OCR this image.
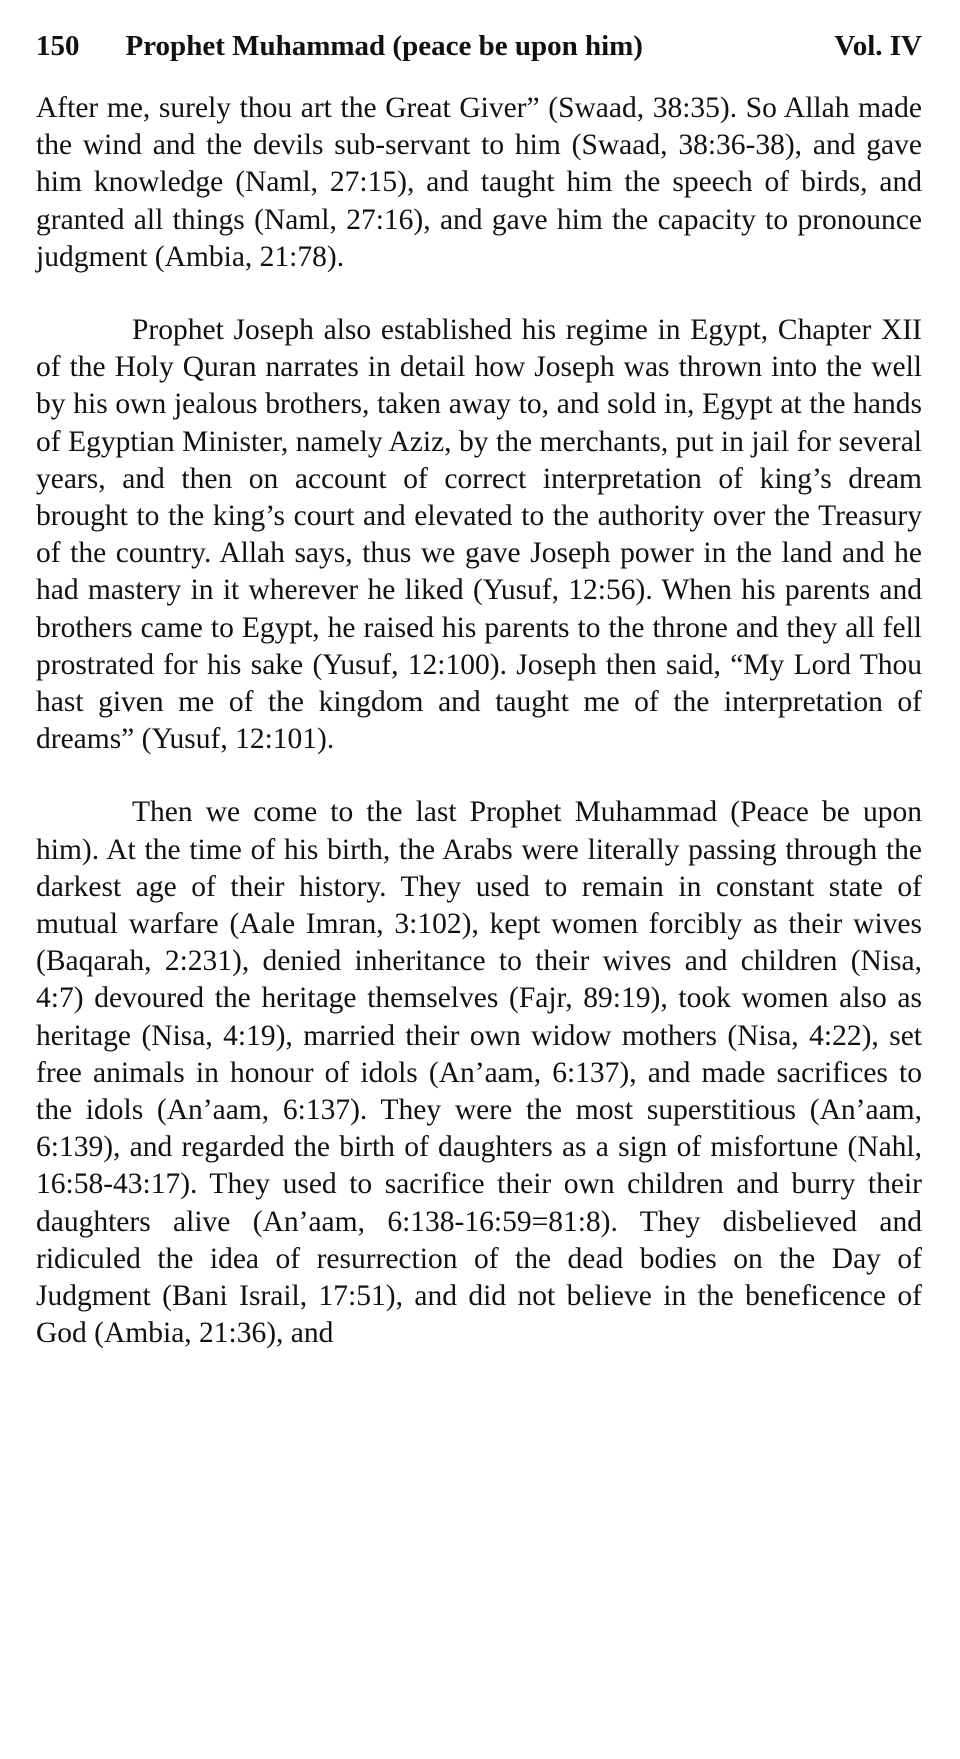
150 Prophet Muhammad (peace be upon him)	Vol. IV

After me, surely thou art the Great Giver” (Swaad, 38:35). So Allah made the wind and the devils sub-servant to him (Swaad, 38:36-38), and gave him knowledge (Naml, 27:15), and taught him the speech of birds, and granted all things (Naml, 27:16), and gave him the capacity to pronounce judgment (Ambia, 21:78).

Prophet Joseph also established his regime in Egypt, Chapter XII of the Holy Quran narrates in detail how Joseph was thrown into the well by his own jealous brothers, taken away to, and sold in, Egypt at the hands of Egyptian Minister, namely Aziz, by the merchants, put in jail for several years, and then on account of correct interpretation of king’s dream brought to the king’s court and elevated to the authority over the Treasury of the country. Allah says, thus we gave Joseph power in the land and he had mastery in it wherever he liked (Yusuf, 12:56). When his parents and brothers came to Egypt, he raised his parents to the throne and they all fell prostrated for his sake (Yusuf, 12:100). Joseph then said, “My Lord Thou hast given me of the kingdom and taught me of the interpretation of dreams” (Yusuf, 12:101).

Then we come to the last Prophet Muhammad (Peace be upon him). At the time of his birth, the Arabs were literally passing through the darkest age of their history. They used to remain in constant state of mutual warfare (Aale Imran, 3:102), kept women forcibly as their wives (Baqarah, 2:231), denied inheritance to their wives and children (Nisa, 4:7) devoured the heritage themselves (Fajr, 89:19), took women also as heritage (Nisa, 4:19), married their own widow mothers (Nisa, 4:22), set free animals in honour of idols (An’aam, 6:137), and made sacrifices to the idols (An’aam, 6:137). They were the most superstitious (An’aam, 6:139), and regarded the birth of daughters as a sign of misfortune (Nahl, 16:58-43:17). They used to sacrifice their own children and burry their daughters alive (An’aam, 6:138-16:59=81:8). They disbelieved and ridiculed the idea of resurrection of the dead bodies on the Day of Judgment (Bani Israil, 17:51), and did not believe in the beneficence of God (Ambia, 21:36), and
